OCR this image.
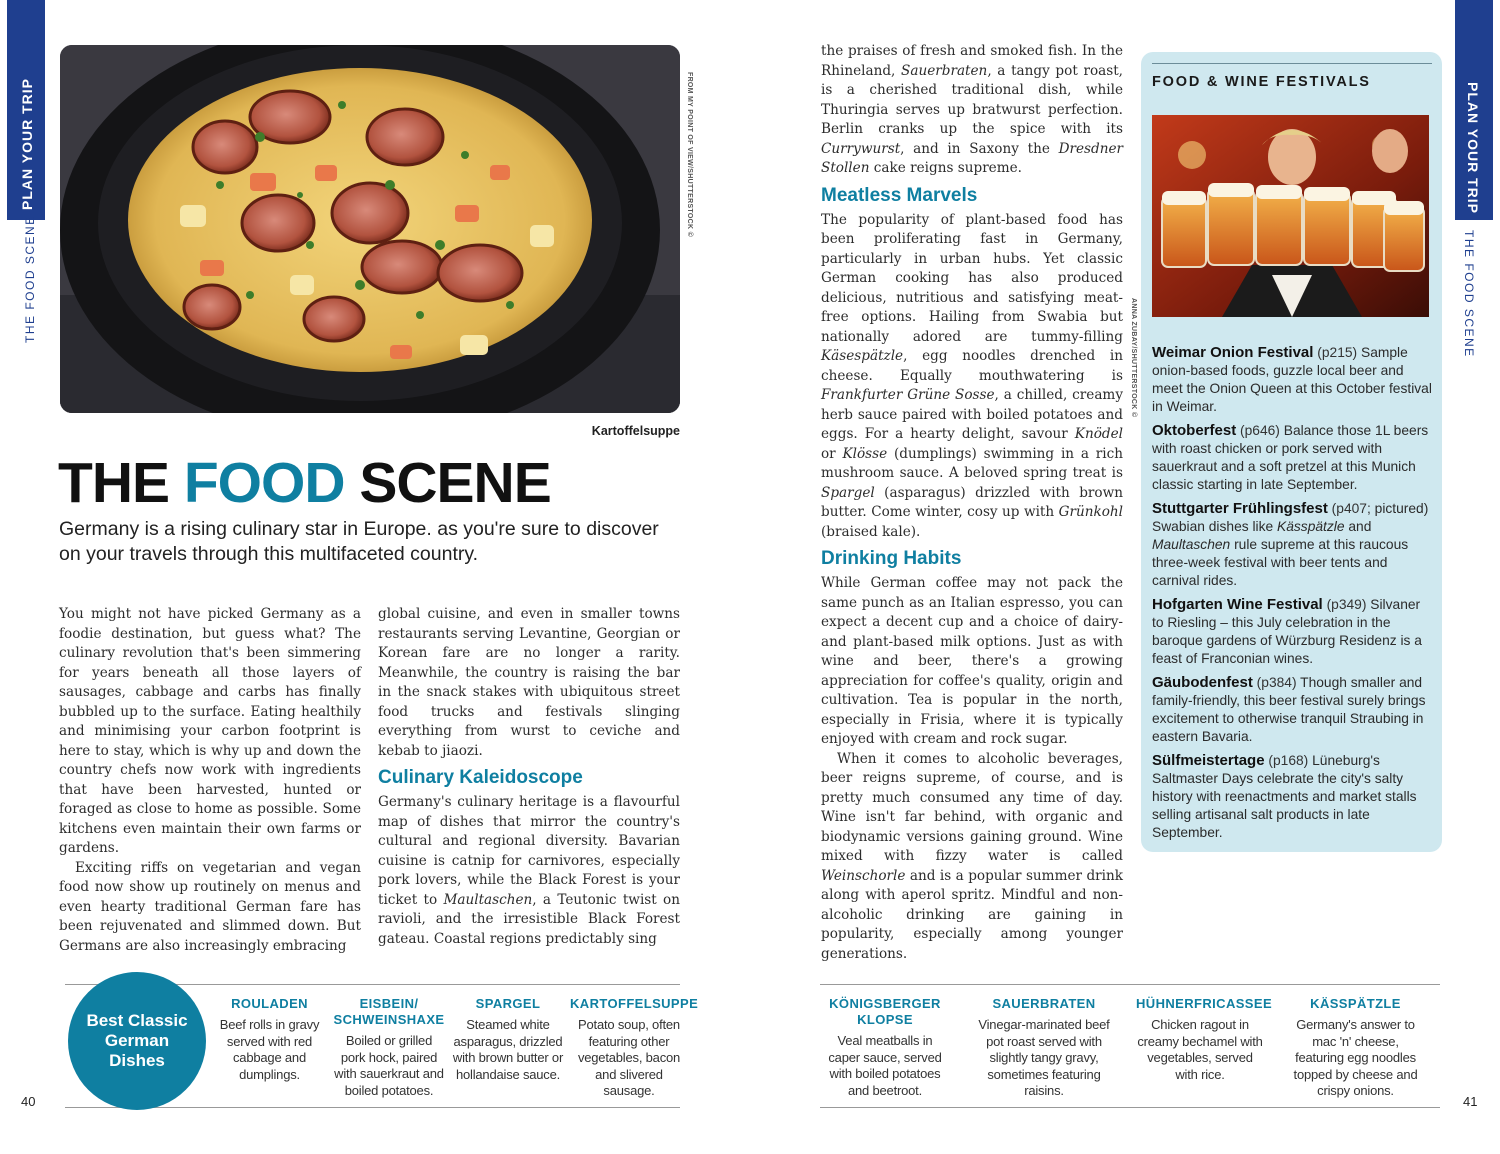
PLAN YOUR TRIP
THE FOOD SCENE
PLAN YOUR TRIP
THE FOOD SCENE
FROM MY POINT OF VIEW/SHUTTERSTOCK ©
Kartoffelsuppe
THE FOOD SCENE
Germany is a rising culinary star in Europe. as you're sure to discover on your travels through this multifaceted country.

You might not have picked Germany as a foodie destination, but guess what? The culinary revolution that's been simmering for years beneath all those layers of sausages, cabbage and carbs has finally bubbled up to the surface. Eating healthily and minimising your carbon footprint is here to stay, which is why up and down the country chefs now work with ingredients that have been harvested, hunted or foraged as close to home as possible. Some kitchens even maintain their own farms or gardens.

Exciting riffs on vegetarian and vegan food now show up routinely on menus and even hearty traditional German fare has been rejuvenated and slimmed down. But Germans are also increasingly embracing

global cuisine, and even in smaller towns restaurants serving Levantine, Georgian or Korean fare are no longer a rarity. Meanwhile, the country is raising the bar in the snack stakes with ubiquitous street food trucks and festivals slinging everything from wurst to ceviche and kebab to jiaozi.

Culinary Kaleidoscope

Germany's culinary heritage is a flavourful map of dishes that mirror the country's cultural and regional diversity. Bavarian cuisine is catnip for carnivores, especially pork lovers, while the Black Forest is your ticket to Maultaschen, a Teutonic twist on ravioli, and the irresistible Black Forest gateau. Coastal regions predictably sing

the praises of fresh and smoked fish. In the Rhineland, Sauerbraten, a tangy pot roast, is a cherished traditional dish, while Thuringia serves up bratwurst perfection. Berlin cranks up the spice with its Currywurst, and in Saxony the Dresdner Stollen cake reigns supreme.

Meatless Marvels

The popularity of plant-based food has been proliferating fast in Germany, particularly in urban hubs. Yet classic German cooking has also produced delicious, nutritious and satisfying meat-free options. Hailing from Swabia but nationally adored are tummy-filling Käsespätzle, egg noodles drenched in cheese. Equally mouthwatering is Frankfurter Grüne Sosse, a chilled, creamy herb sauce paired with boiled potatoes and eggs. For a hearty delight, savour Knödel or Klösse (dumplings) swimming in a rich mushroom sauce. A beloved spring treat is Spargel (asparagus) drizzled with brown butter. Come winter, cosy up with Grünkohl (braised kale).

Drinking Habits

While German coffee may not pack the same punch as an Italian espresso, you can expect a decent cup and a choice of dairy- and plant-based milk options. Just as with wine and beer, there's a growing appreciation for coffee's quality, origin and cultivation. Tea is popular in the north, especially in Frisia, where it is typically enjoyed with cream and rock sugar.

When it comes to alcoholic beverages, beer reigns supreme, of course, and is pretty much consumed any time of day. Wine isn't far behind, with organic and biodynamic versions gaining ground. Wine mixed with fizzy water is called Weinschorle and is a popular summer drink along with aperol spritz. Mindful and non-alcoholic drinking are gaining in popularity, especially among younger generations.

FOOD & WINE FESTIVALS
Weimar Onion Festival (p215) Sample onion-based foods, guzzle local beer and meet the Onion Queen at this October festival in Weimar.
Oktoberfest (p646) Balance those 1L beers with roast chicken or pork served with sauerkraut and a soft pretzel at this Munich classic starting in late September.
Stuttgarter Frühlingsfest (p407; pictured) Swabian dishes like Kässpätzle and Maultaschen rule supreme at this raucous three-week festival with beer tents and carnival rides.
Hofgarten Wine Festival (p349) Silvaner to Riesling – this July celebration in the baroque gardens of Würzburg Residenz is a feast of Franconian wines.
Gäubodenfest (p384) Though smaller and family-friendly, this beer festival surely brings excitement to otherwise tranquil Straubing in eastern Bavaria.
Sülfmeistertage (p168) Lüneburg's Saltmaster Days celebrate the city's salty history with reenactments and market stalls selling artisanal salt products in late September.
ANNA ZUBAY/SHUTTERSTOCK ©
Best Classic German Dishes
ROULADEN
Beef rolls in gravy served with red cabbage and dumplings.
EISBEIN/ SCHWEINSHAXE
Boiled or grilled pork hock, paired with sauerkraut and boiled potatoes.
SPARGEL
Steamed white asparagus, drizzled with brown butter or hollandaise sauce.
KARTOFFELSUPPE
Potato soup, often featuring other vegetables, bacon and slivered sausage.
KÖNIGSBERGER KLOPSE
Veal meatballs in caper sauce, served with boiled potatoes and beetroot.
SAUERBRATEN
Vinegar-marinated beef pot roast served with slightly tangy gravy, sometimes featuring raisins.
HÜHNERFRICASSEE
Chicken ragout in creamy bechamel with vegetables, served with rice.
KÄSSPÄTZLE
Germany's answer to mac 'n' cheese, featuring egg noodles topped by cheese and crispy onions.
40	41
